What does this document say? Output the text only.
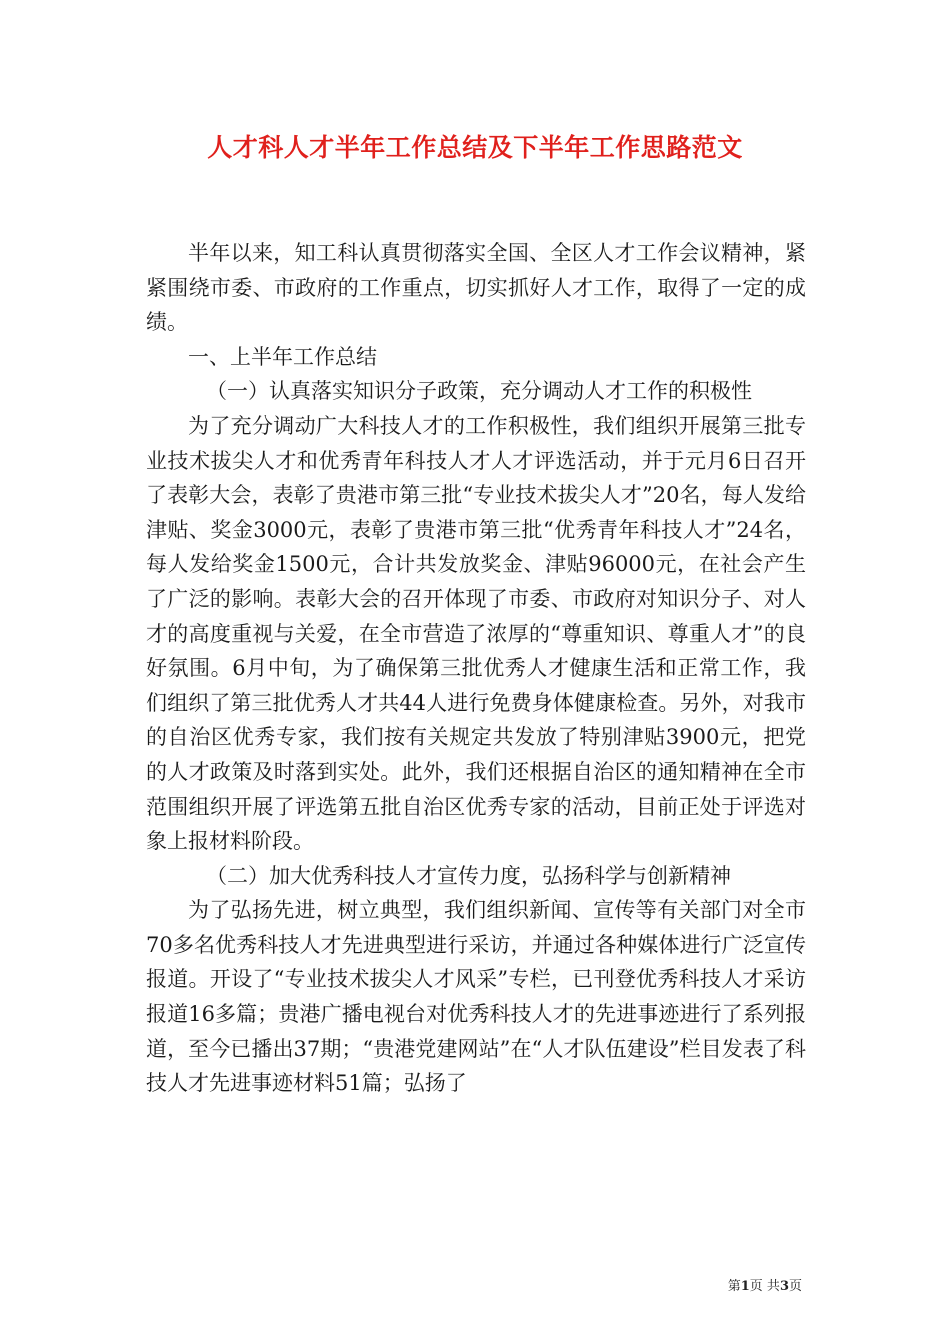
人才科人才半年工作总结及下半年工作思路范文

半年以来，知工科认真贯彻落实全国、全区人才工作会议精神，紧紧围绕市委、市政府的工作重点，切实抓好人才工作，取得了一定的成绩。

一、上半年工作总结

（一）认真落实知识分子政策，充分调动人才工作的积极性

为了充分调动广大科技人才的工作积极性，我们组织开展第三批专业技术拔尖人才和优秀青年科技人才人才评选活动，并于元月6日召开了表彰大会，表彰了贵港市第三批“专业技术拔尖人才”20名，每人发给津贴、奖金3000元，表彰了贵港市第三批“优秀青年科技人才”24名，每人发给奖金1500元，合计共发放奖金、津贴96000元，在社会产生了广泛的影响。表彰大会的召开体现了市委、市政府对知识分子、对人才的高度重视与关爱，在全市营造了浓厚的“尊重知识、尊重人才”的良好氛围。6月中旬，为了确保第三批优秀人才健康生活和正常工作，我们组织了第三批优秀人才共44人进行免费身体健康检查。另外，对我市的自治区优秀专家，我们按有关规定共发放了特别津贴3900元，把党的人才政策及时落到实处。此外，我们还根据自治区的通知精神在全市范围组织开展了评选第五批自治区优秀专家的活动，目前正处于评选对象上报材料阶段。

（二）加大优秀科技人才宣传力度，弘扬科学与创新精神

为了弘扬先进，树立典型，我们组织新闻、宣传等有关部门对全市70多名优秀科技人才先进典型进行采访，并通过各种媒体进行广泛宣传报道。开设了“专业技术拔尖人才风采”专栏，已刊登优秀科技人才采访报道16多篇；贵港广播电视台对优秀科技人才的先进事迹进行了系列报道，至今已播出37期；“贵港党建网站”在“人才队伍建设”栏目发表了科技人才先进事迹材料51篇；弘扬了

第1页 共3页
